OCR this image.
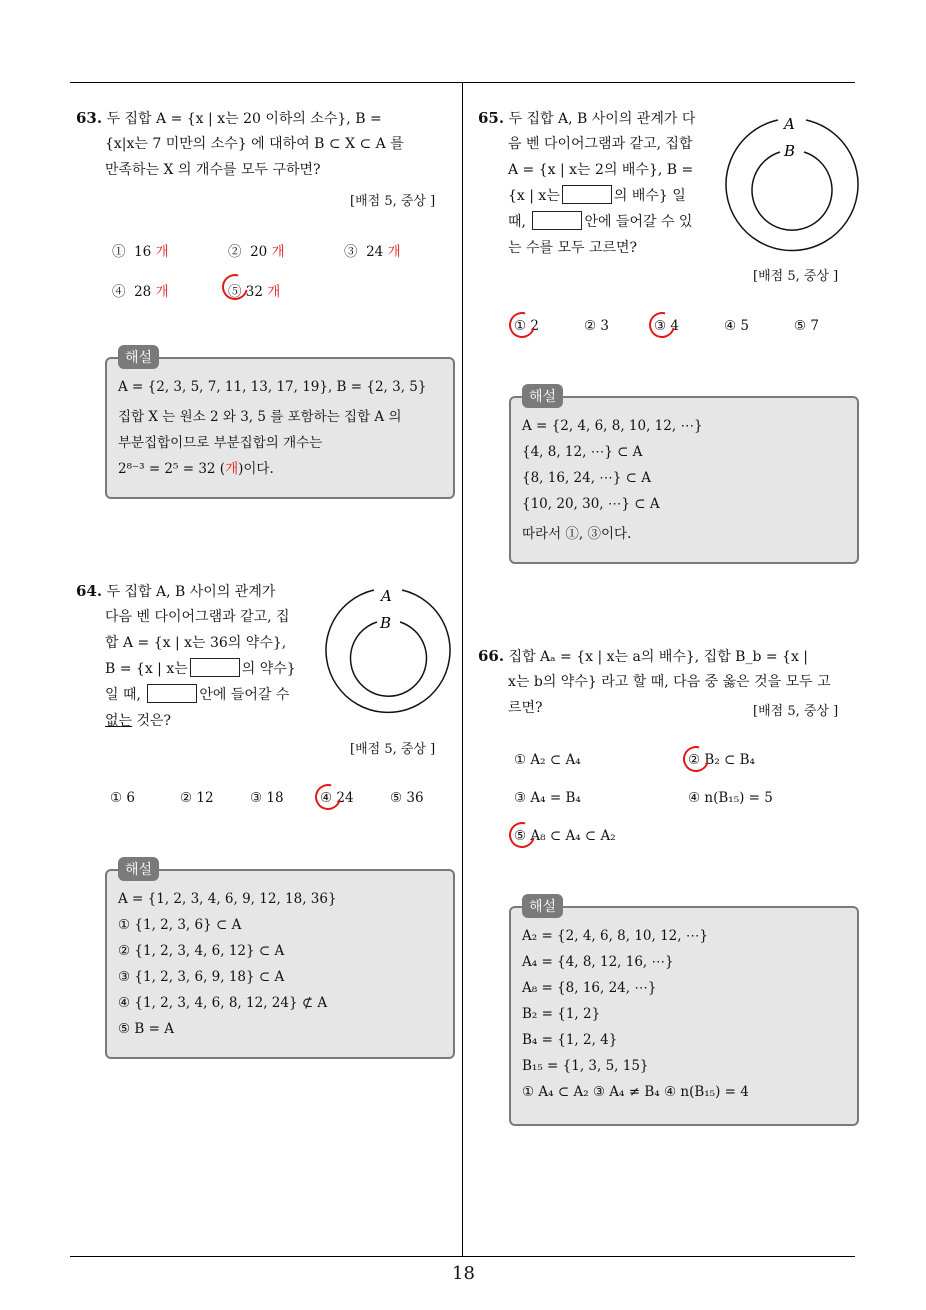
18
63. 두 집합 A = {x | x는 20 이하의 소수}, B =
{x|x는 7 미만의 소수} 에 대하여 B ⊂ X ⊂ A 를
만족하는 X 의 개수를 모두 구하면?
[배점 5, 중상 ]
① 16 개	② 20 개	③ 24 개
④ 28 개	⑤ 32 개
해설
A = {2, 3, 5, 7, 11, 13, 17, 19}, B = {2, 3, 5}
집합 X 는 원소 2 와 3, 5 를 포함하는 집합 A 의
부분집합이므로 부분집합의 개수는
2⁸⁻³ = 2⁵ = 32 (개)이다.
64. 두 집합 A, B 사이의 관계가
다음 벤 다이어그램과 같고, 집
합 A = {x | x는 36의 약수},
B = {x | x는	의 약수}
일 때,	안에 들어갈 수
없는 것은?
A
B
[배점 5, 중상 ]
① 6	② 12	③ 18	④ 24	⑤ 36
해설
A = {1, 2, 3, 4, 6, 9, 12, 18, 36}
① {1, 2, 3, 6} ⊂ A
② {1, 2, 3, 4, 6, 12} ⊂ A
③ {1, 2, 3, 6, 9, 18} ⊂ A
④ {1, 2, 3, 4, 6, 8, 12, 24} ⊄ A
⑤ B = A
65. 두 집합 A, B 사이의 관계가 다
음 벤 다이어그램과 같고, 집합
A = {x | x는 2의 배수}, B =
{x | x는	의 배수} 일
때,	안에 들어갈 수 있
는 수를 모두 고르면?
A
B
[배점 5, 중상 ]
① 2	② 3	③ 4	④ 5	⑤ 7
해설
A = {2, 4, 6, 8, 10, 12, ⋯}
{4, 8, 12, ⋯} ⊂ A
{8, 16, 24, ⋯} ⊂ A
{10, 20, 30, ⋯} ⊂ A
따라서 ①, ③이다.
66. 집합 Aₐ = {x | x는 a의 배수}, 집합 B_b = {x |
x는 b의 약수} 라고 할 때, 다음 중 옳은 것을 모두 고
르면?	[배점 5, 중상 ]
① A₂ ⊂ A₄	② B₂ ⊂ B₄
③ A₄ = B₄	④ n(B₁₅) = 5
⑤ A₈ ⊂ A₄ ⊂ A₂
해설
A₂ = {2, 4, 6, 8, 10, 12, ⋯}
A₄ = {4, 8, 12, 16, ⋯}
A₈ = {8, 16, 24, ⋯}
B₂ = {1, 2}
B₄ = {1, 2, 4}
B₁₅ = {1, 3, 5, 15}
① A₄ ⊂ A₂ ③ A₄ ≠ B₄ ④ n(B₁₅) = 4
